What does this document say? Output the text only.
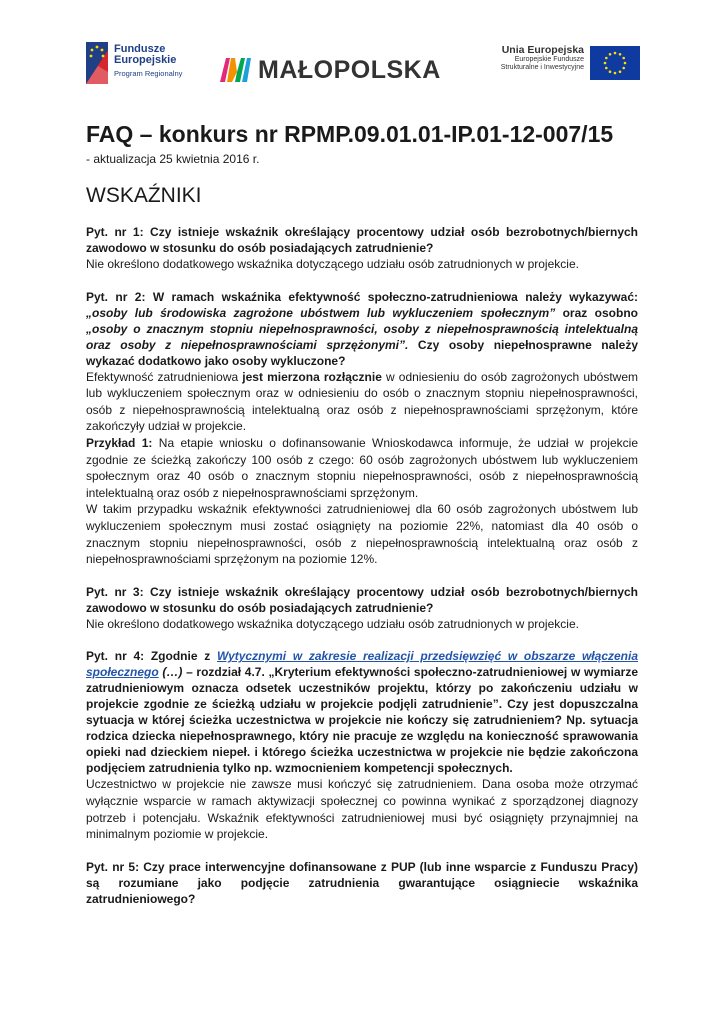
Fundusze
Europejskie
Program Regionalny	MAŁOPOLSKA
Unia Europejska
Europejskie Fundusze
Strukturalne i Inwestycyjne
FAQ – konkurs nr RPMP.09.01.01-IP.01-12-007/15
- aktualizacja 25 kwietnia 2016 r.
WSKAŹNIKI
Pyt. nr 1: Czy istnieje wskaźnik określający procentowy udział osób bezrobotnych/biernych zawodowo w stosunku do osób posiadających zatrudnienie?
Nie określono dodatkowego wskaźnika dotyczącego udziału osób zatrudnionych w projekcie.
Pyt. nr 2: W ramach wskaźnika efektywność społeczno-zatrudnieniowa należy wykazywać: „osoby lub środowiska zagrożone ubóstwem lub wykluczeniem społecznym” oraz osobno „osoby o znacznym stopniu niepełnosprawności, osoby z niepełnosprawnością intelektualną oraz osoby z niepełnosprawnościami sprzężonymi”. Czy osoby niepełnosprawne należy wykazać dodatkowo jako osoby wykluczone?
Efektywność zatrudnieniowa jest mierzona rozłącznie w odniesieniu do osób zagrożonych ubóstwem lub wykluczeniem społecznym oraz w odniesieniu do osób o znacznym stopniu niepełnosprawności, osób z niepełnosprawnością intelektualną oraz osób z niepełnosprawnościami sprzężonym, które zakończyły udział w projekcie.
Przykład 1: Na etapie wniosku o dofinansowanie Wnioskodawca informuje, że udział w projekcie zgodnie ze ścieżką zakończy 100 osób z czego: 60 osób zagrożonych ubóstwem lub wykluczeniem społecznym oraz 40 osób o znacznym stopniu niepełnosprawności, osób z niepełnosprawnością intelektualną oraz osób z niepełnosprawnościami sprzężonym.
W takim przypadku wskaźnik efektywności zatrudnieniowej dla 60 osób zagrożonych ubóstwem lub wykluczeniem społecznym musi zostać osiągnięty na poziomie 22%, natomiast dla 40 osób o znacznym stopniu niepełnosprawności, osób z niepełnosprawnością intelektualną oraz osób z niepełnosprawnościami sprzężonym na poziomie 12%.
Pyt. nr 3: Czy istnieje wskaźnik określający procentowy udział osób bezrobotnych/biernych zawodowo w stosunku do osób posiadających zatrudnienie?
Nie określono dodatkowego wskaźnika dotyczącego udziału osób zatrudnionych w projekcie.
Pyt. nr 4: Zgodnie z Wytycznymi w zakresie realizacji przedsięwzięć w obszarze włączenia społecznego (…) – rozdział 4.7. „Kryterium efektywności społeczno-zatrudnieniowej w wymiarze zatrudnieniowym oznacza odsetek uczestników projektu, którzy po zakończeniu udziału w projekcie zgodnie ze ścieżką udziału w projekcie podjęli zatrudnienie”. Czy jest dopuszczalna sytuacja w której ścieżka uczestnictwa w projekcie nie kończy się zatrudnieniem? Np. sytuacja rodzica dziecka niepełnosprawnego, który nie pracuje ze względu na konieczność sprawowania opieki nad dzieckiem niepeł. i którego ścieżka uczestnictwa w projekcie nie będzie zakończona podjęciem zatrudnienia tylko np. wzmocnieniem kompetencji społecznych.
Uczestnictwo w projekcie nie zawsze musi kończyć się zatrudnieniem. Dana osoba może otrzymać wyłącznie wsparcie w ramach aktywizacji społecznej co powinna wynikać z sporządzonej diagnozy potrzeb i potencjału. Wskaźnik efektywności zatrudnieniowej musi być osiągnięty przynajmniej na minimalnym poziomie w projekcie.
Pyt. nr 5: Czy prace interwencyjne dofinansowane z PUP (lub inne wsparcie z Funduszu Pracy) są rozumiane jako podjęcie zatrudnienia gwarantujące osiągniecie wskaźnika zatrudnieniowego?
